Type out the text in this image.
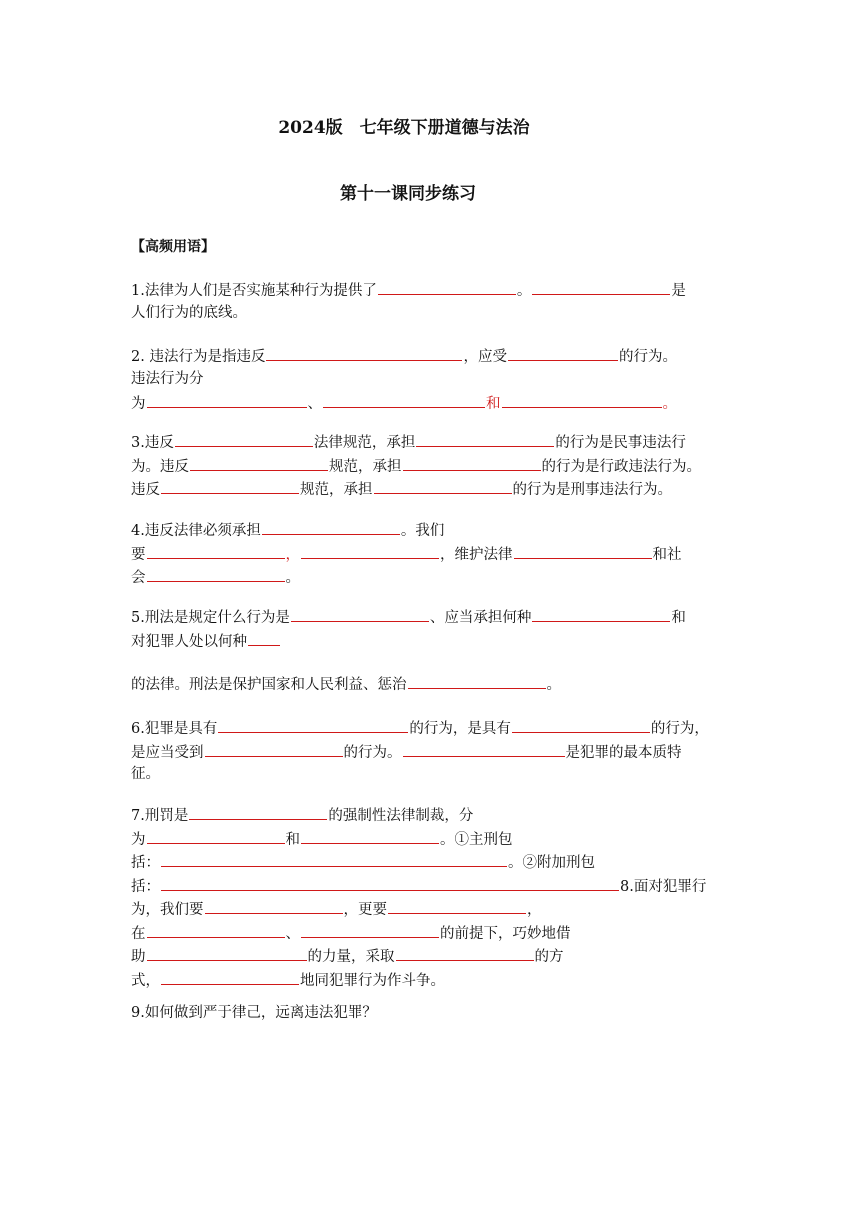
2024版　七年级下册道德与法治
第十一课同步练习
【高频用语】
1.法律为人们是否实施某种行为提供了	。	是
人们行为的底线。
2. 违法行为是指违反	，应受	的行为。
违法行为分
为	、	和	。
3.违反	法律规范，承担	的行为是民事违法行
为。违反	规范，承担	的行为是行政违法行为。
违反	规范，承担	的行为是刑事违法行为。
4.违反法律必须承担	。我们
要	，	，维护法律	和社
会	。
5.刑法是规定什么行为是	、应当承担何种	和
对犯罪人处以何种
的法律。刑法是保护国家和人民利益、惩治	。
6.犯罪是具有	的行为，是具有	的行为，
是应当受到	的行为。	是犯罪的最本质特
征。
7.刑罚是	的强制性法律制裁，分
为	和	。①主刑包
括：	。②附加刑包
括：	8.面对犯罪行
为，我们要	，更要	，
在	、	的前提下，巧妙地借
助	的力量，采取	的方
式，	地同犯罪行为作斗争。
9.如何做到严于律己，远离违法犯罪？
